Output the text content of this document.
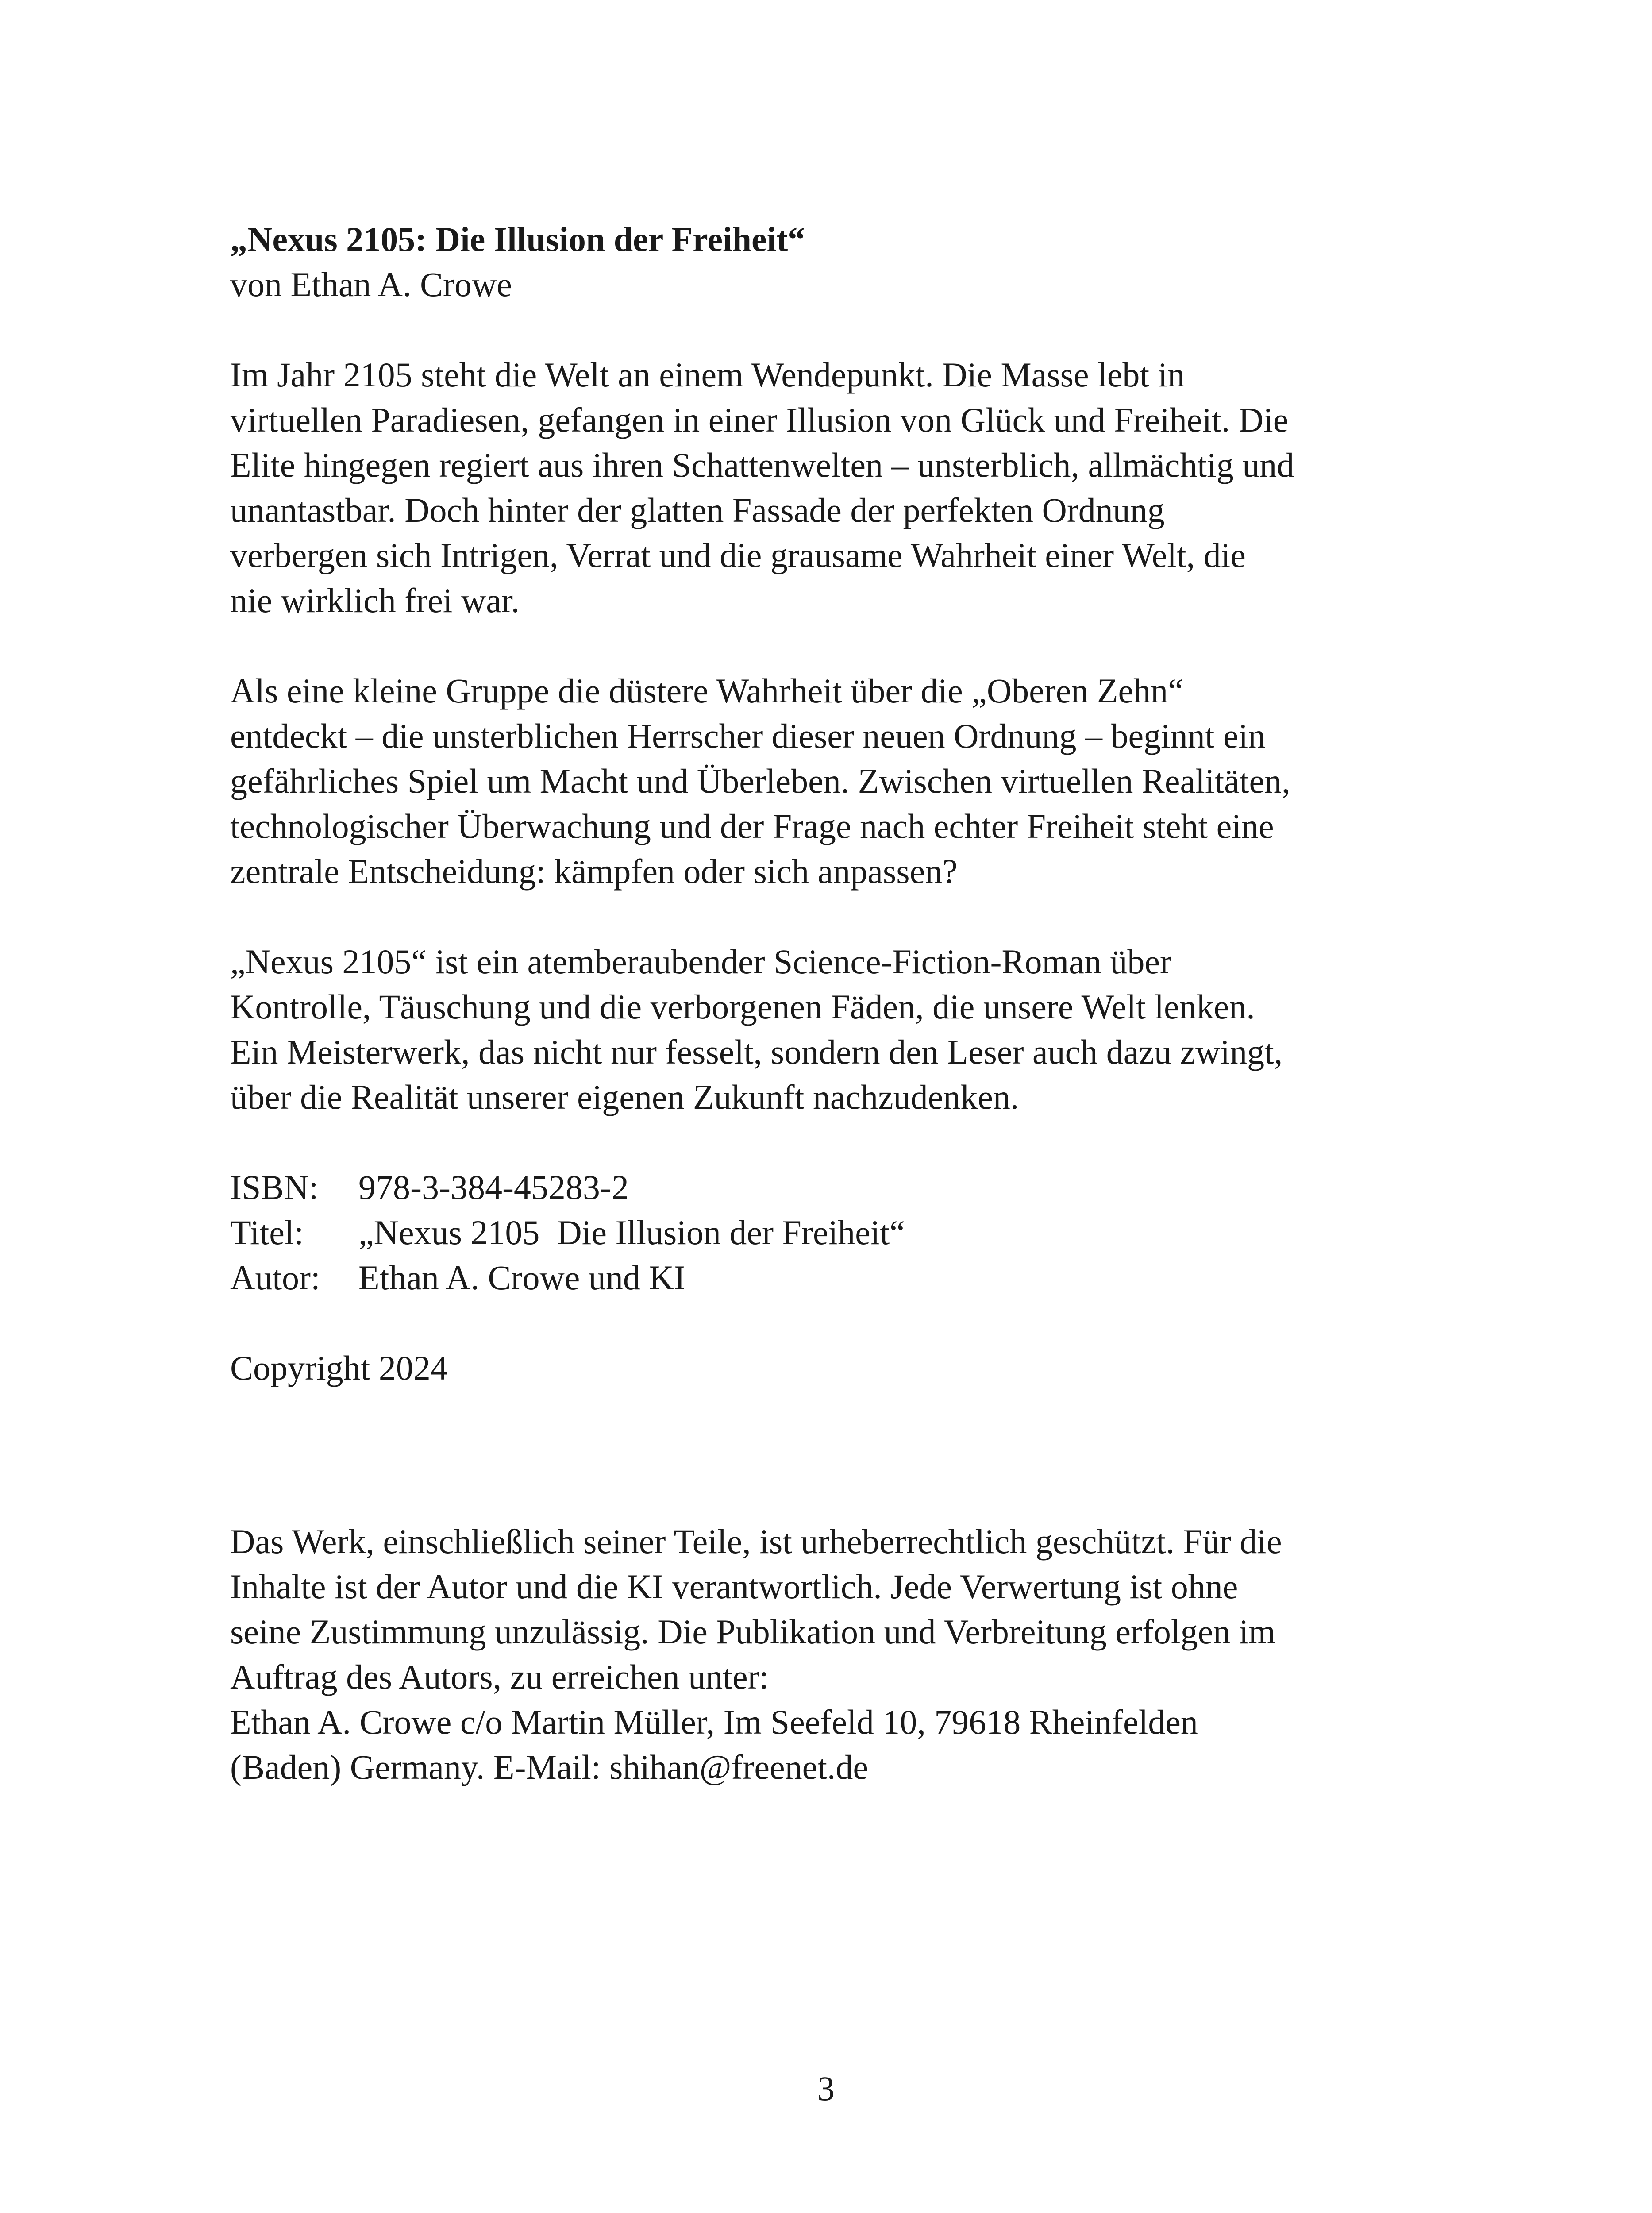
„Nexus 2105: Die Illusion der Freiheit“

von Ethan A. Crowe

Im Jahr 2105 steht die Welt an einem Wendepunkt. Die Masse lebt in
virtuellen Paradiesen, gefangen in einer Illusion von Glück und Freiheit. Die
Elite hingegen regiert aus ihren Schattenwelten – unsterblich, allmächtig und
unantastbar. Doch hinter der glatten Fassade der perfekten Ordnung
verbergen sich Intrigen, Verrat und die grausame Wahrheit einer Welt, die
nie wirklich frei war.

Als eine kleine Gruppe die düstere Wahrheit über die „Oberen Zehn“
entdeckt – die unsterblichen Herrscher dieser neuen Ordnung – beginnt ein
gefährliches Spiel um Macht und Überleben. Zwischen virtuellen Realitäten,
technologischer Überwachung und der Frage nach echter Freiheit steht eine
zentrale Entscheidung: kämpfen oder sich anpassen?

„Nexus 2105“ ist ein atemberaubender Science-Fiction-Roman über
Kontrolle, Täuschung und die verborgenen Fäden, die unsere Welt lenken.
Ein Meisterwerk, das nicht nur fesselt, sondern den Leser auch dazu zwingt,
über die Realität unserer eigenen Zukunft nachzudenken.

ISBN:	978-3-384-45283-2
Titel:	„Nexus 2105  Die Illusion der Freiheit“
Autor:	Ethan A. Crowe und KI

Copyright 2024

Das Werk, einschließlich seiner Teile, ist urheberrechtlich geschützt. Für die
Inhalte ist der Autor und die KI verantwortlich. Jede Verwertung ist ohne
seine Zustimmung unzulässig. Die Publikation und Verbreitung erfolgen im
Auftrag des Autors, zu erreichen unter:
Ethan A. Crowe c/o Martin Müller, Im Seefeld 10, 79618 Rheinfelden
(Baden) Germany. E-Mail: shihan@freenet.de

3
